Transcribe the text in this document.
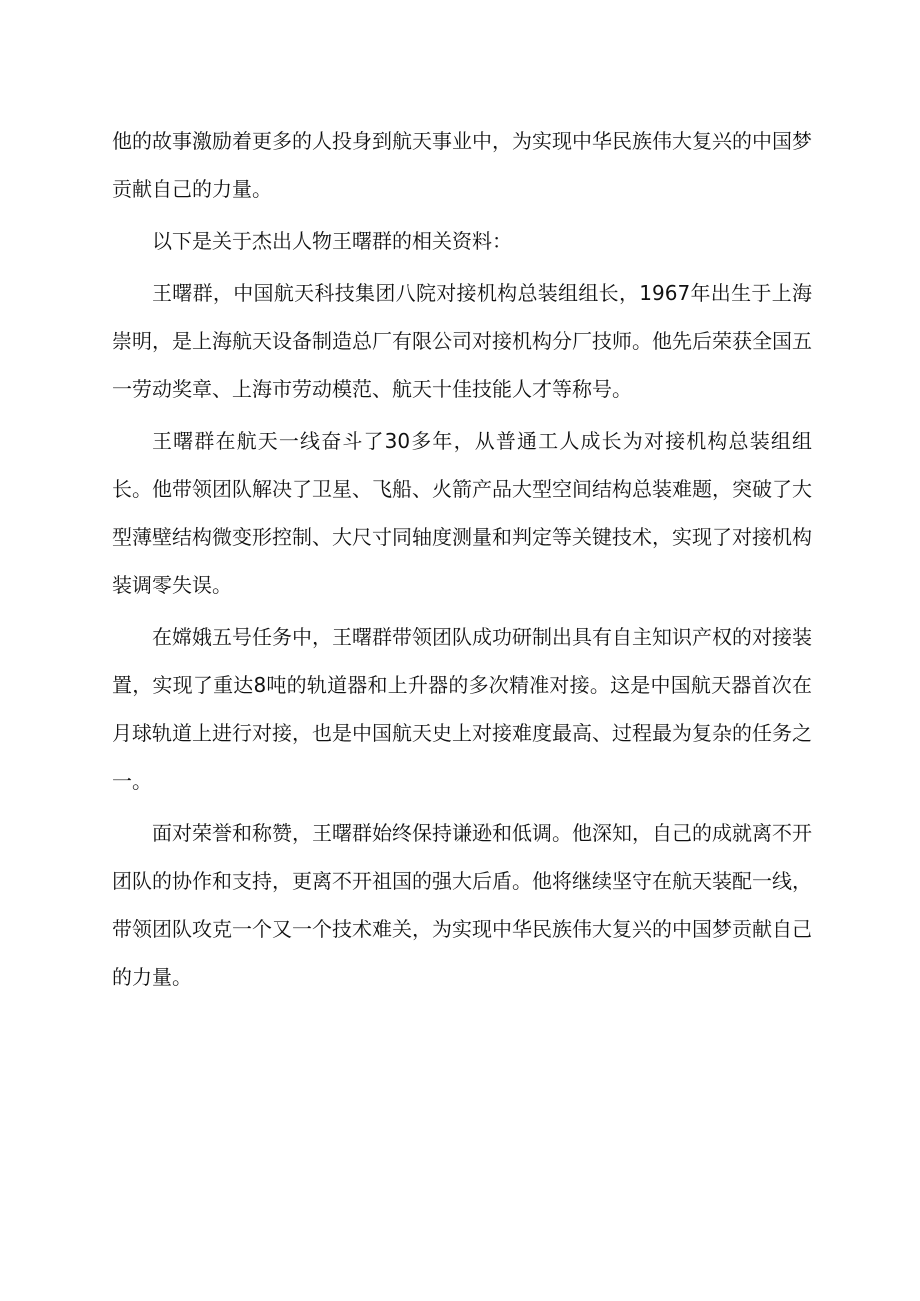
他的故事激励着更多的人投身到航天事业中，为实现中华民族伟大复兴的中国梦贡献自己的力量。

以下是关于杰出人物王曙群的相关资料：

王曙群，中国航天科技集团八院对接机构总装组组长，1967年出生于上海崇明，是上海航天设备制造总厂有限公司对接机构分厂技师。他先后荣获全国五一劳动奖章、上海市劳动模范、航天十佳技能人才等称号。

王曙群在航天一线奋斗了30多年，从普通工人成长为对接机构总装组组长。他带领团队解决了卫星、飞船、火箭产品大型空间结构总装难题，突破了大型薄壁结构微变形控制、大尺寸同轴度测量和判定等关键技术，实现了对接机构装调零失误。

在嫦娥五号任务中，王曙群带领团队成功研制出具有自主知识产权的对接装置，实现了重达8吨的轨道器和上升器的多次精准对接。这是中国航天器首次在月球轨道上进行对接，也是中国航天史上对接难度最高、过程最为复杂的任务之一。

面对荣誉和称赞，王曙群始终保持谦逊和低调。他深知，自己的成就离不开团队的协作和支持，更离不开祖国的强大后盾。他将继续坚守在航天装配一线，带领团队攻克一个又一个技术难关，为实现中华民族伟大复兴的中国梦贡献自己的力量。
